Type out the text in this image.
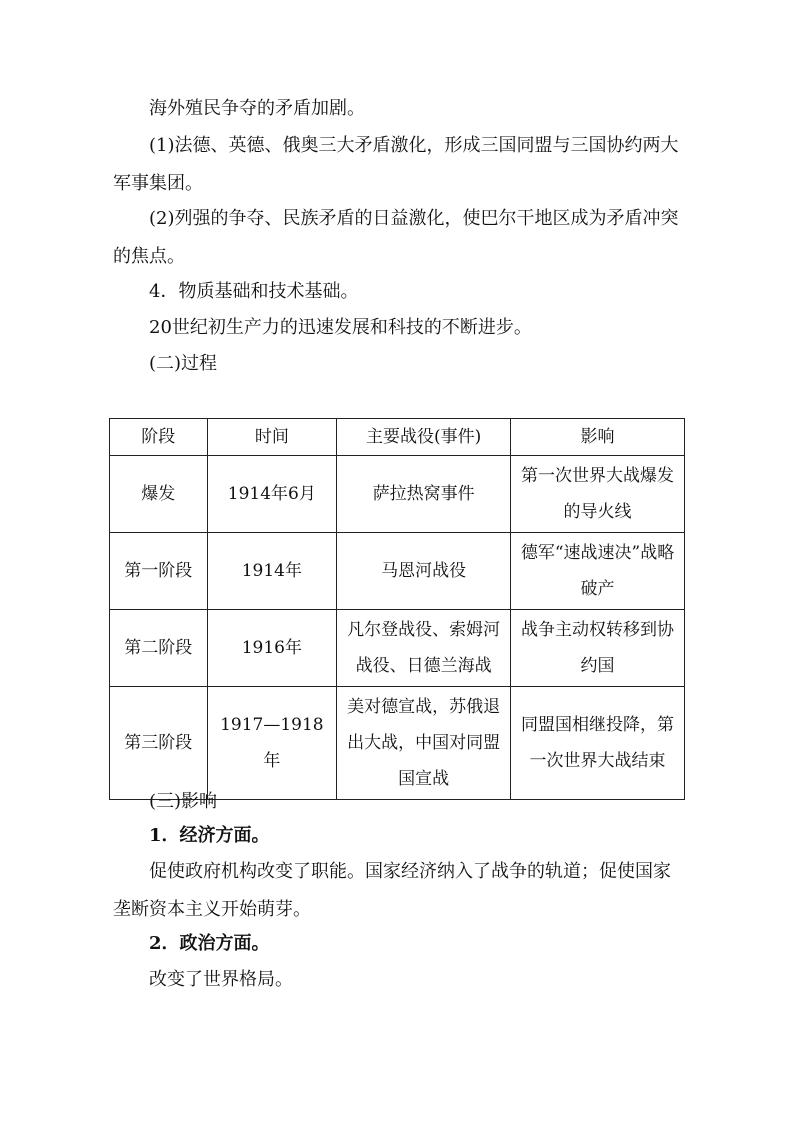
海外殖民争夺的矛盾加剧。

(1)法德、英德、俄奥三大矛盾激化，形成三国同盟与三国协约两大军事集团。

(2)列强的争夺、民族矛盾的日益激化，使巴尔干地区成为矛盾冲突的焦点。

4．物质基础和技术基础。

20世纪初生产力的迅速发展和科技的不断进步。

(二)过程

阶段	时间	主要战役(事件)	影响
爆发	1914年6月	萨拉热窝事件	第一次世界大战爆发的导火线
第一阶段	1914年	马恩河战役	德军“速战速决”战略破产
第二阶段	1916年	凡尔登战役、索姆河战役、日德兰海战	战争主动权转移到协约国
第三阶段	1917—1918年	美对德宣战，苏俄退出大战，中国对同盟国宣战	同盟国相继投降，第一次世界大战结束

(三)影响

1．经济方面。

促使政府机构改变了职能。国家经济纳入了战争的轨道；促使国家垄断资本主义开始萌芽。

2．政治方面。

改变了世界格局。
